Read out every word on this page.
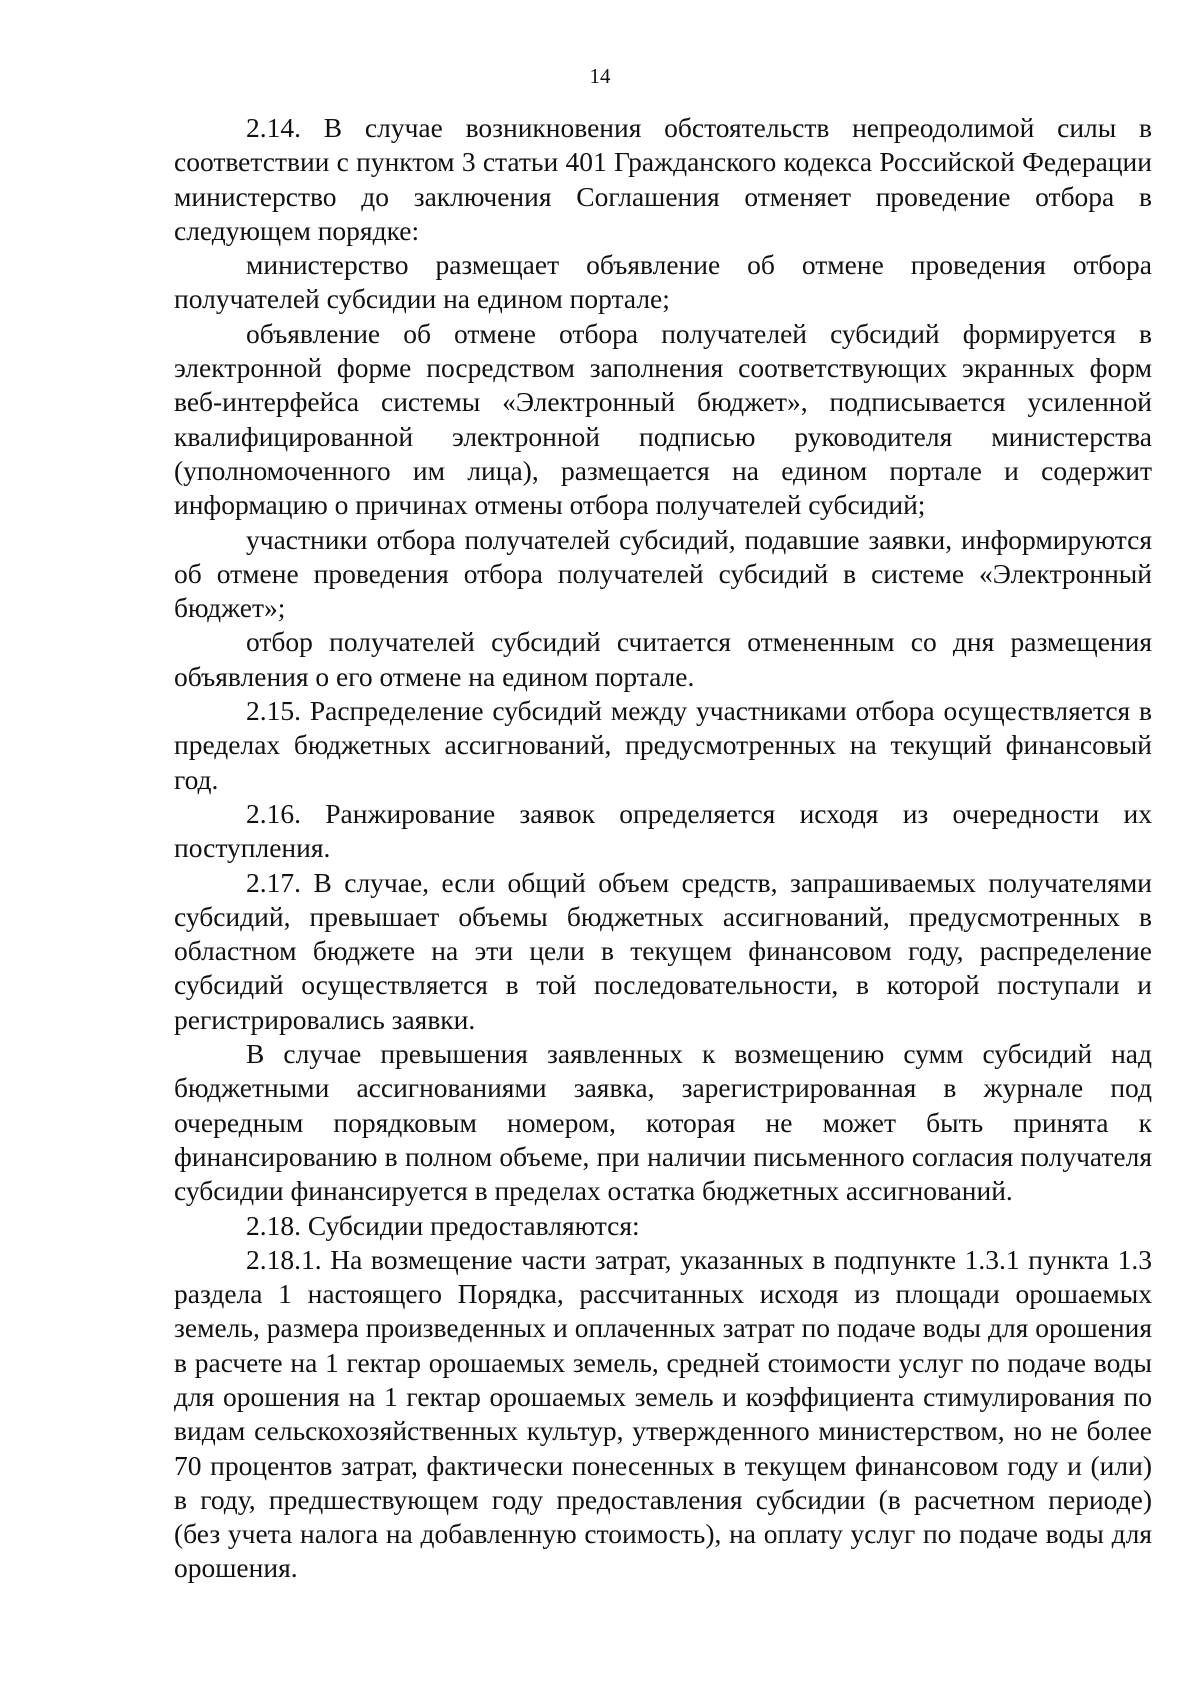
14

2.14. В случае возникновения обстоятельств непреодолимой силы в соответствии с пунктом 3 статьи 401 Гражданского кодекса Российской Федерации министерство до заключения Соглашения отменяет проведение отбора в следующем порядке:

министерство размещает объявление об отмене проведения отбора получателей субсидии на едином портале;

объявление об отмене отбора получателей субсидий формируется в электронной форме посредством заполнения соответствующих экранных форм веб-интерфейса системы «Электронный бюджет», подписывается усиленной квалифицированной электронной подписью руководителя министерства (уполномоченного им лица), размещается на едином портале и содержит информацию о причинах отмены отбора получателей субсидий;

участники отбора получателей субсидий, подавшие заявки, информируются об отмене проведения отбора получателей субсидий в системе «Электронный бюджет»;

отбор получателей субсидий считается отмененным со дня размещения объявления о его отмене на едином портале.

2.15. Распределение субсидий между участниками отбора осуществляется в пределах бюджетных ассигнований, предусмотренных на текущий финансовый год.

2.16. Ранжирование заявок определяется исходя из очередности их поступления.

2.17. В случае, если общий объем средств, запрашиваемых получателями субсидий, превышает объемы бюджетных ассигнований, предусмотренных в областном бюджете на эти цели в текущем финансовом году, распределение субсидий осуществляется в той последовательности, в которой поступали и регистрировались заявки.

В случае превышения заявленных к возмещению сумм субсидий над бюджетными ассигнованиями заявка, зарегистрированная в журнале под очередным порядковым номером, которая не может быть принята к финансированию в полном объеме, при наличии письменного согласия получателя субсидии финансируется в пределах остатка бюджетных ассигнований.

2.18. Субсидии предоставляются:

2.18.1. На возмещение части затрат, указанных в подпункте 1.3.1 пункта 1.3 раздела 1 настоящего Порядка, рассчитанных исходя из площади орошаемых земель, размера произведенных и оплаченных затрат по подаче воды для орошения в расчете на 1 гектар орошаемых земель, средней стоимости услуг по подаче воды для орошения на 1 гектар орошаемых земель и коэффициента стимулирования по видам сельскохозяйственных культур, утвержденного министерством, но не более 70 процентов затрат, фактически понесенных в текущем финансовом году и (или) в году, предшествующем году предоставления субсидии (в расчетном периоде) (без учета налога на добавленную стоимость), на оплату услуг по подаче воды для орошения.
